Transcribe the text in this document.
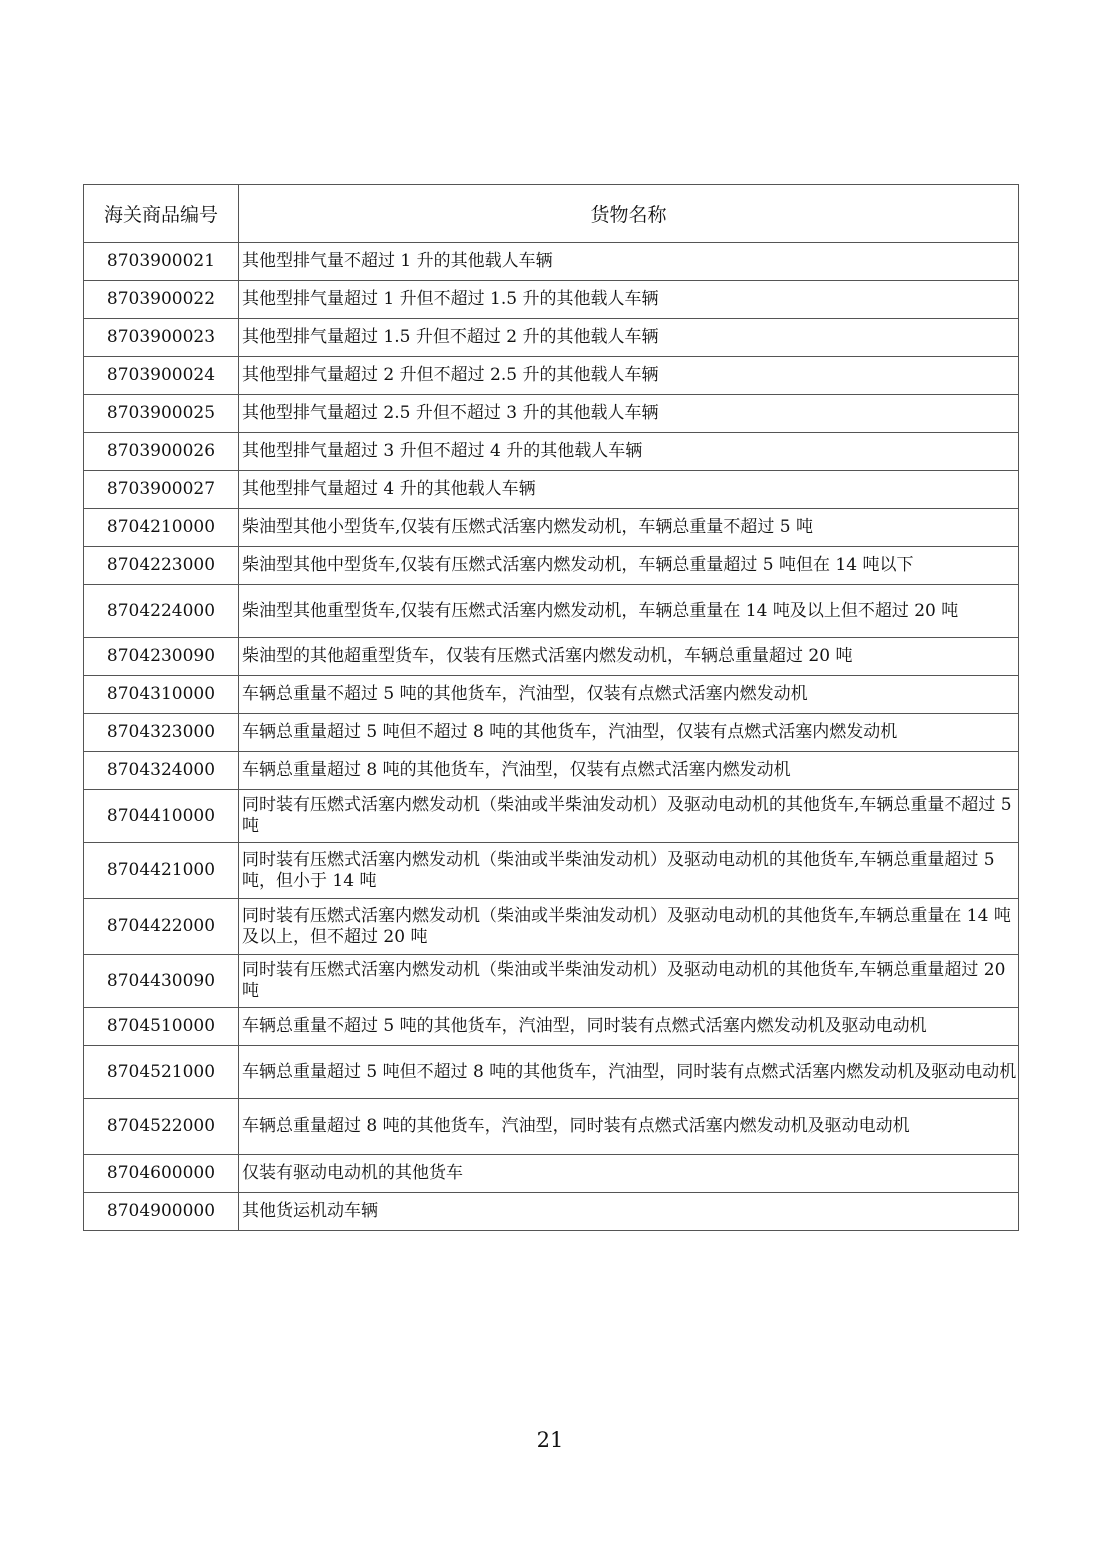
海关商品编号	货物名称
8703900021	其他型排气量不超过 1 升的其他载人车辆
8703900022	其他型排气量超过 1 升但不超过 1.5 升的其他载人车辆
8703900023	其他型排气量超过 1.5 升但不超过 2 升的其他载人车辆
8703900024	其他型排气量超过 2 升但不超过 2.5 升的其他载人车辆
8703900025	其他型排气量超过 2.5 升但不超过 3 升的其他载人车辆
8703900026	其他型排气量超过 3 升但不超过 4 升的其他载人车辆
8703900027	其他型排气量超过 4 升的其他载人车辆
8704210000	柴油型其他小型货车,仅装有压燃式活塞内燃发动机，车辆总重量不超过 5 吨
8704223000	柴油型其他中型货车,仅装有压燃式活塞内燃发动机，车辆总重量超过 5 吨但在 14 吨以下
8704224000	柴油型其他重型货车,仅装有压燃式活塞内燃发动机，车辆总重量在 14 吨及以上但不超过 20 吨
8704230090	柴油型的其他超重型货车，仅装有压燃式活塞内燃发动机，车辆总重量超过 20 吨
8704310000	车辆总重量不超过 5 吨的其他货车，汽油型，仅装有点燃式活塞内燃发动机
8704323000	车辆总重量超过 5 吨但不超过 8 吨的其他货车，汽油型，仅装有点燃式活塞内燃发动机
8704324000	车辆总重量超过 8 吨的其他货车，汽油型，仅装有点燃式活塞内燃发动机
8704410000	同时装有压燃式活塞内燃发动机（柴油或半柴油发动机）及驱动电动机的其他货车,车辆总重量不超过 5 吨
8704421000	同时装有压燃式活塞内燃发动机（柴油或半柴油发动机）及驱动电动机的其他货车,车辆总重量超过 5 吨，但小于 14 吨
8704422000	同时装有压燃式活塞内燃发动机（柴油或半柴油发动机）及驱动电动机的其他货车,车辆总重量在 14 吨及以上，但不超过 20 吨
8704430090	同时装有压燃式活塞内燃发动机（柴油或半柴油发动机）及驱动电动机的其他货车,车辆总重量超过 20 吨
8704510000	车辆总重量不超过 5 吨的其他货车，汽油型，同时装有点燃式活塞内燃发动机及驱动电动机
8704521000	车辆总重量超过 5 吨但不超过 8 吨的其他货车，汽油型，同时装有点燃式活塞内燃发动机及驱动电动机
8704522000	车辆总重量超过 8 吨的其他货车，汽油型，同时装有点燃式活塞内燃发动机及驱动电动机
8704600000	仅装有驱动电动机的其他货车
8704900000	其他货运机动车辆
21
